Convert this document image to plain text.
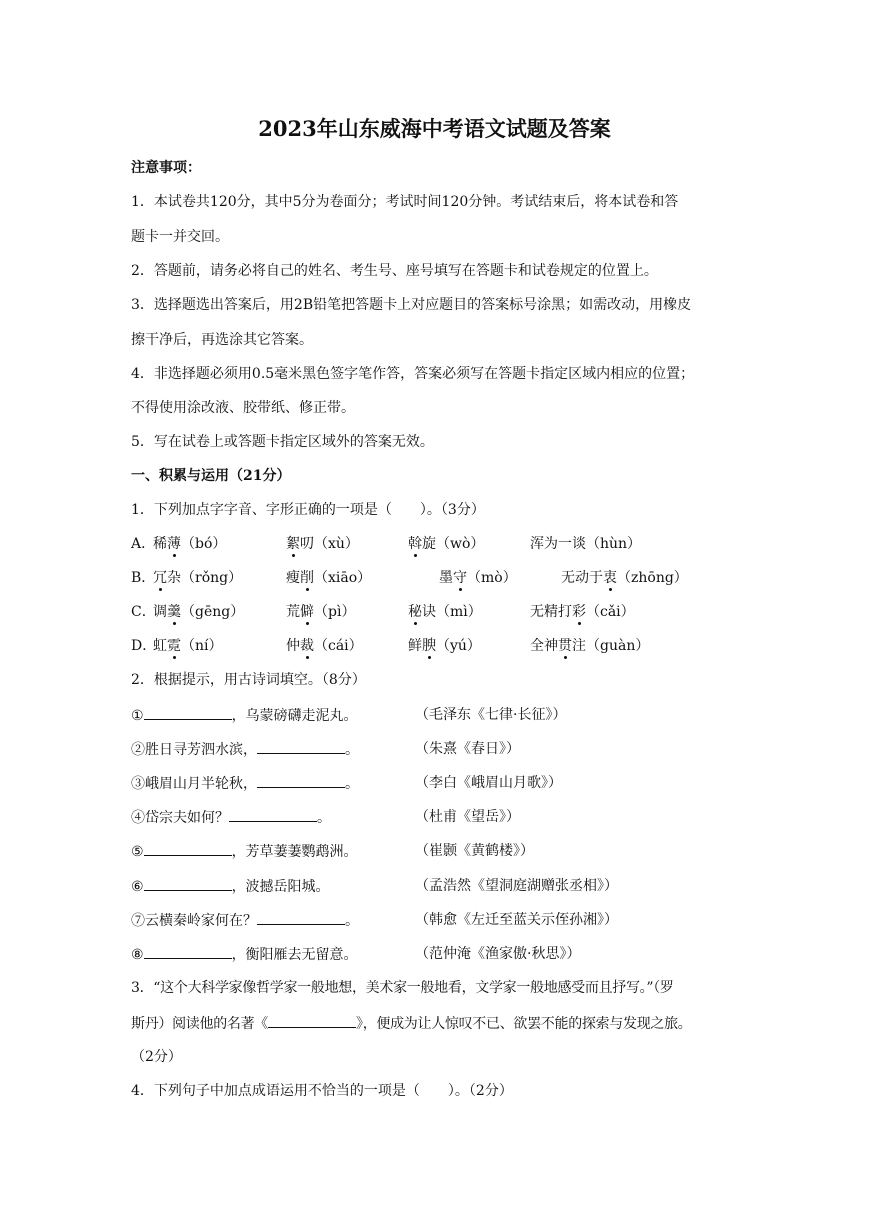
2023年山东威海中考语文试题及答案
注意事项：
1．本试卷共120分，其中5分为卷面分；考试时间120分钟。考试结束后，将本试卷和答
题卡一并交回。
2．答题前，请务必将自己的姓名、考生号、座号填写在答题卡和试卷规定的位置上。
3．选择题选出答案后，用2B铅笔把答题卡上对应题目的答案标号涂黑；如需改动，用橡皮
擦干净后，再选涂其它答案。
4．非选择题必须用0.5毫米黑色签字笔作答，答案必须写在答题卡指定区域内相应的位置；
不得使用涂改液、胶带纸、修正带。
5．写在试卷上或答题卡指定区域外的答案无效。
一、积累与运用（21分）
1．下列加点字字音、字形正确的一项是（　　）。（3分）
A．
稀薄（bó）	絮叨（xù）	斡旋（wò）	浑为一谈（hùn）
B．
冗杂（rǒng）	瘦削（xiāo）	墨守（mò）	无动于衷（zhōng）
C．
调羹（gēng）	荒僻（pì）	秘诀（mì）	无精打彩（cǎi）
D．
虹霓（ní）	仲裁（cái）	鲜腴（yú）	全神贯注（guàn）
2．根据提示，用古诗词填空。（8分）
①	，乌蒙磅礴走泥丸。	（毛泽东《七律·长征》）
②胜日寻芳泗水滨，	。	（朱熹《春日》）
③峨眉山月半轮秋，	。	（李白《峨眉山月歌》）
④岱宗夫如何？	。	（杜甫《望岳》）
⑤	，芳草萋萋鹦鹉洲。	（崔颢《黄鹤楼》）
⑥	，波撼岳阳城。	（孟浩然《望洞庭湖赠张丞相》）
⑦云横秦岭家何在？	。	（韩愈《左迁至蓝关示侄孙湘》）
⑧	，衡阳雁去无留意。	（范仲淹《渔家傲·秋思》）
3．“这个大科学家像哲学家一般地想，美术家一般地看，文学家一般地感受而且抒写。”（罗
斯丹）阅读他的名著《	》，便成为让人惊叹不已、欲罢不能的探索与发现之旅。
（2分）
4．下列句子中加点成语运用不恰当的一项是（　　）。（2分）
